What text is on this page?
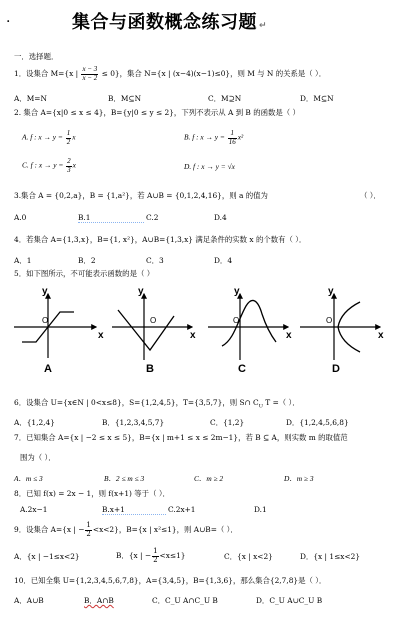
·	集合与函数概念练习题 ↵
一．选择题．
1．设集合 M={x | $\frac{x - 3}{x - 2} \le 0$}，集合 N={x | (x−4)(x−1)≤0}，则 M 与 N 的关系是（ ）．
A．M=N	B．M⊆N	C．M⊇N	D．M⊆N
2. 集合 A={x|0 ≤ x ≤ 4}，B={y|0 ≤ y ≤ 2}，下列不表示从 A 到 B 的函数是（ ）
A. f : $x \to y = \frac{1}{2}$ x	B. f : $x \to y = \frac{1}{16} x^2$
C. f : $x \to y = \frac{2}{3}$ x	D. f : x → y = √x
3.集合 A = {0,2,a}，B = {1,a²}，若 A∪B = {0,1,2,4,16}，则 a 的值为	（ ）．
A.0	B.1	C.2	D.4
4．若集合 A={1,3,x}，B={1, x²}，A∪B={1,3,x} 满足条件的实数 x 的个数有（ ）．
A．1	B．2	C．3	D．4
5．如下图所示，不可能表示函数的是（ ）
O
y
x
A
O
y
x
B
O
y
x
C
O
y
x
D
6．设集合 U={x∈N | 0<x≤8}，S={1,2,4,5}，T={3,5,7}，则 S∩ $C_U$ T =（ ）．
A．{1,2,4}	B．{1,2,3,4,5,7}	C．{1,2}	D．{1,2,4,5,6,8}
7．已知集合 A={x | −2 ≤ x ≤ 5}，B={x | m+1 ≤ x ≤ 2m−1}，若 B ⊆ A，则实数 m 的取值范
围为（ ）．
A．m ≤ 3	B．2 ≤ m ≤ 3	C．m ≥ 2	D．m ≥ 3
8．已知 f(x) = 2x − 1，则 f(x+1) 等于（ ）．
A.2x−1	B.x+1	C.2x+1	D.1
9．设集合 A={x | − $\frac{1}{2} <x<2$}，B={x | x²≤1}，则 A∪B=（ ）．
A．{x | −1≤x<2}	B．{x | − $\frac{1}{2} <x\le 1$}	C．{x | x<2}	D．{x | 1≤x<2}
10．已知全集 U={1,2,3,4,5,6,7,8}，A={3,4,5}，B={1,3,6}，那么集合{2,7,8}是（ ）．
A．A∪B	B．A∩B	C．C_U A∩C_U B	D．C_U A∪C_U B
